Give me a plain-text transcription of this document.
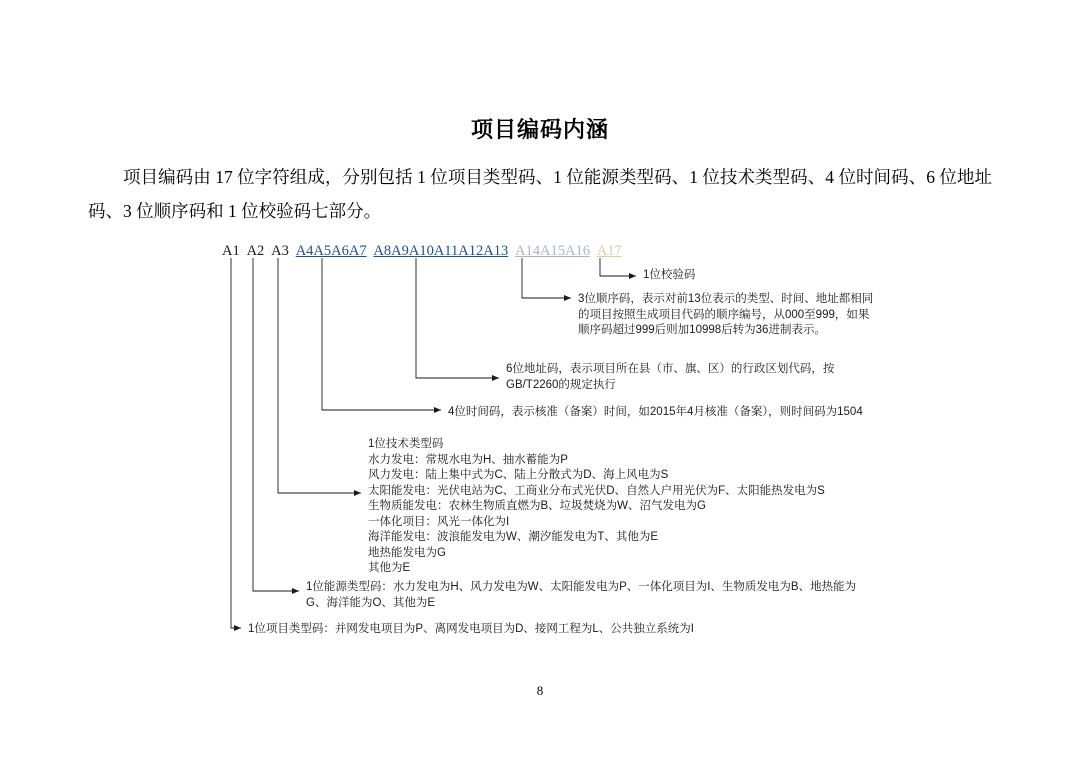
项目编码内涵
项目编码由 17 位字符组成，分别包括 1 位项目类型码、1 位能源类型码、1 位技术类型码、4 位时间码、6 位地址码、3 位顺序码和 1 位校验码七部分。
A1 A2 A3 A4A5A6A7 A8A9A10A11A12A13 A14A15A16 A17
1位校验码
3位顺序码，表示对前13位表示的类型、时间、地址都相同的项目按照生成项目代码的顺序编号，从000至999，如果顺序码超过999后则加10998后转为36进制表示。
6位地址码，表示项目所在县（市、旗、区）的行政区划代码，按GB/T2260的规定执行
4位时间码，表示核准（备案）时间，如2015年4月核准（备案），则时间码为1504
1位技术类型码
水力发电：常规水电为H、抽水蓄能为P
风力发电：陆上集中式为C、陆上分散式为D、海上风电为S
太阳能发电：光伏电站为C、工商业分布式光伏D、自然人户用光伏为F、太阳能热发电为S
生物质能发电：农林生物质直燃为B、垃圾焚烧为W、沼气发电为G
一体化项目：风光一体化为I
海洋能发电：波浪能发电为W、潮汐能发电为T、其他为E
地热能发电为G
其他为E
1位能源类型码：水力发电为H、风力发电为W、太阳能发电为P、一体化项目为I、生物质发电为B、地热能为G、海洋能为O、其他为E
1位项目类型码：并网发电项目为P、离网发电项目为D、接网工程为L、公共独立系统为I
8
